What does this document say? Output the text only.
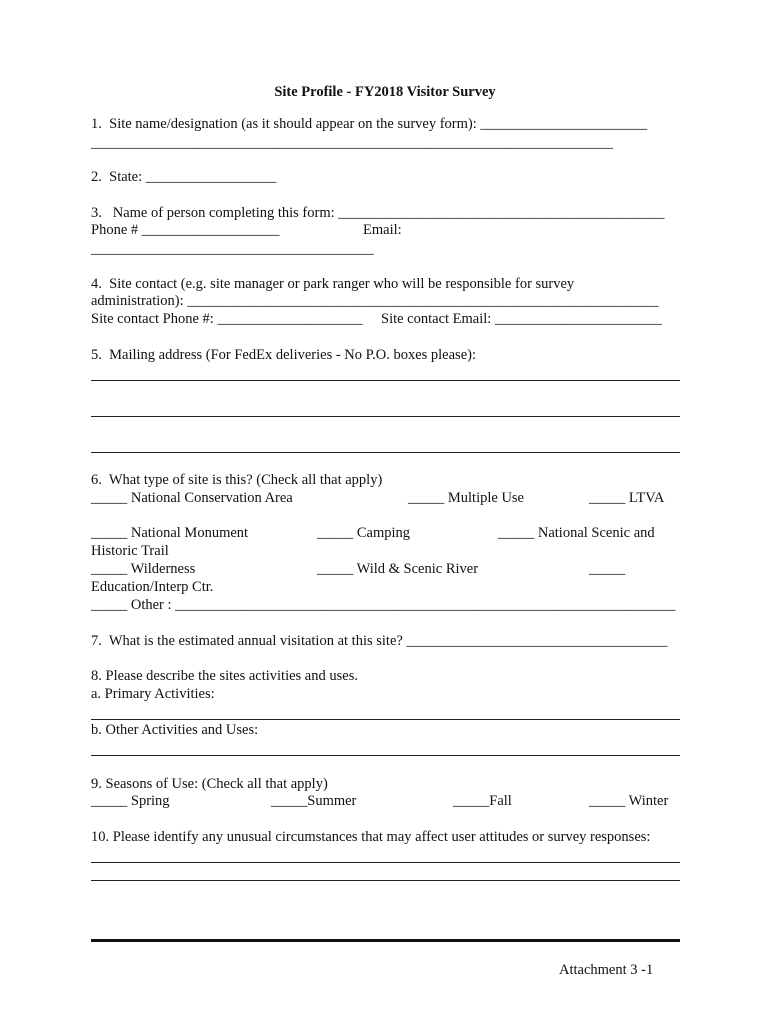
Site Profile - FY2018 Visitor Survey
1.  Site name/designation (as it should appear on the survey form): _______________________
________________________________________________________________________
2.  State: __________________
3.   Name of person completing this form: _____________________________________________
Phone # ___________________	Email:
_______________________________________
4.  Site contact (e.g. site manager or park ranger who will be responsible for survey
administration): _________________________________________________________________
Site contact Phone #: ____________________ Site contact Email: _______________________
5.  Mailing address (For FedEx deliveries - No P.O. boxes please):
6.  What type of site is this? (Check all that apply)
_____ National Conservation Area	_____ Multiple Use	_____ LTVA
_____ National Monument	_____ Camping	_____ National Scenic and
Historic Trail
_____ Wilderness	_____ Wild & Scenic River	_____
Education/Interp Ctr.
_____ Other : _____________________________________________________________________
7.  What is the estimated annual visitation at this site? ____________________________________
8. Please describe the sites activities and uses.
a. Primary Activities:
b. Other Activities and Uses:
9. Seasons of Use: (Check all that apply)
_____ Spring	_____Summer	_____Fall	_____ Winter
10. Please identify any unusual circumstances that may affect user attitudes or survey responses:
Attachment 3 -1
